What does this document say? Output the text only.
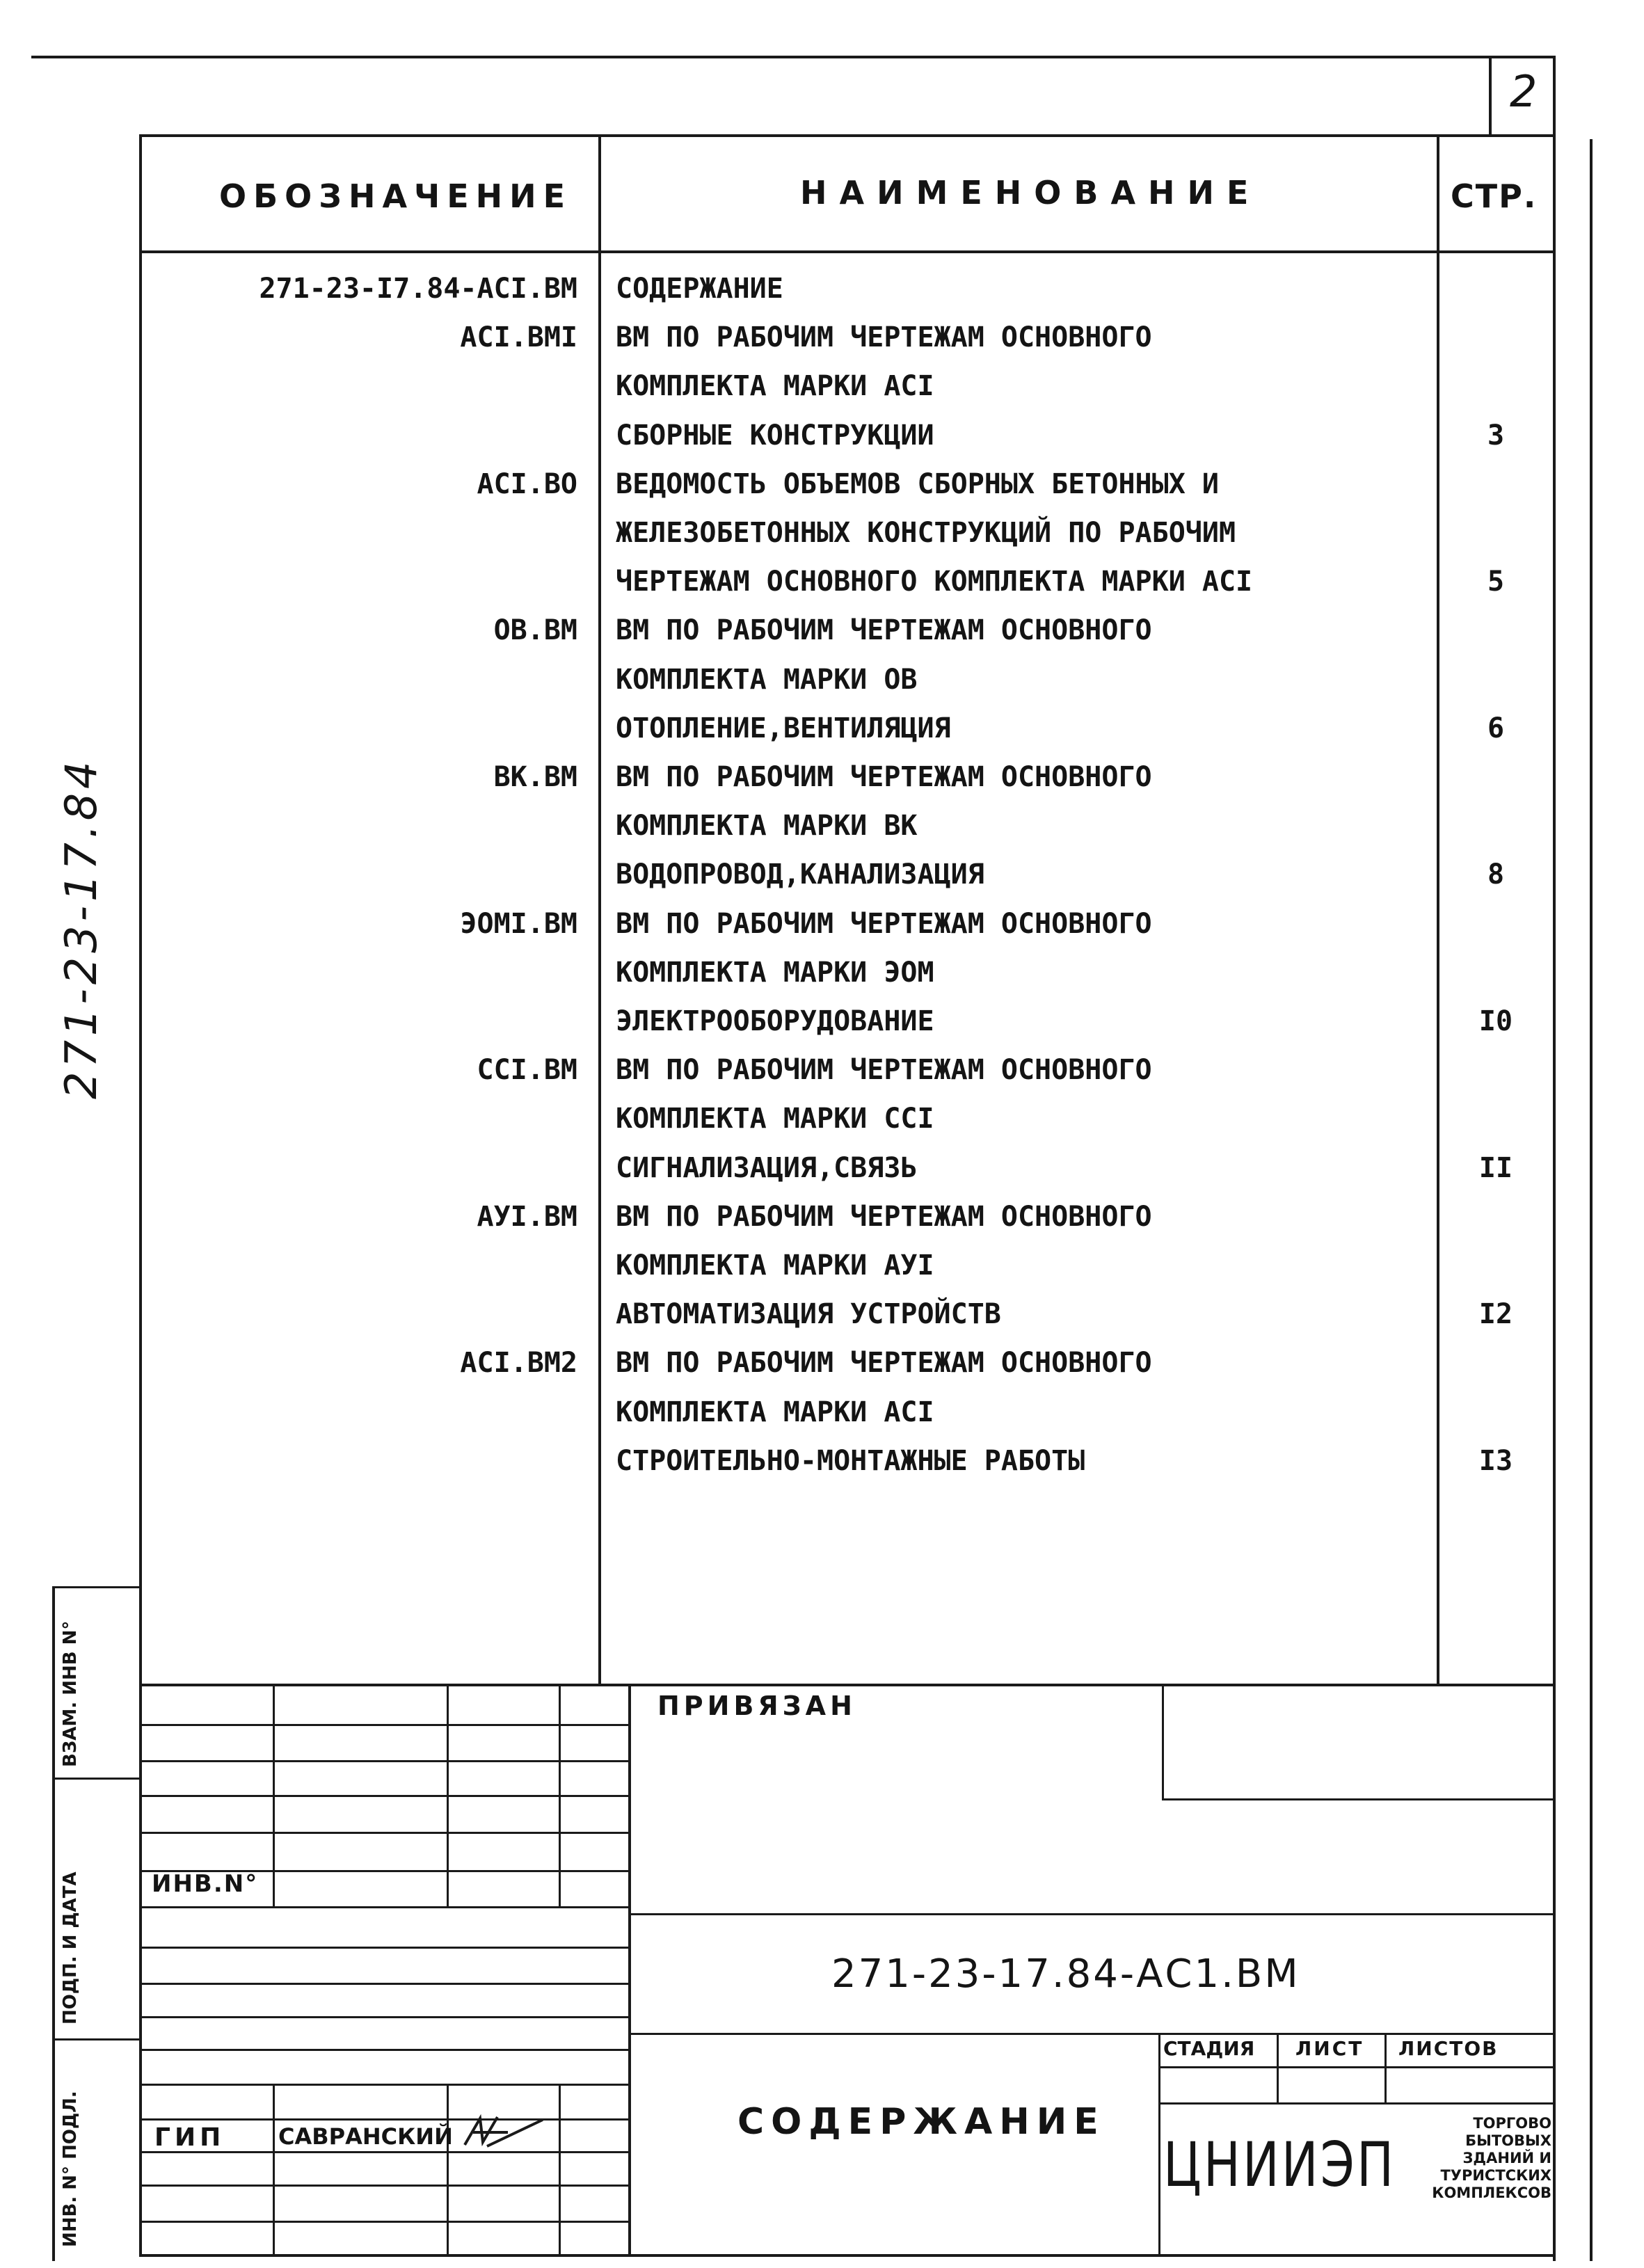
2
ОБОЗНАЧЕНИЕ	НАИМЕНОВАНИЕ	СТР.
271-23-I7.84-ACI.BM СОДЕРЖАНИЕ
ACI.BMI ВМ ПО РАБОЧИМ ЧЕРТЕЖАМ ОСНОВНОГО
КОМПЛЕКТА МАРКИ АСI
СБОРНЫЕ КОНСТРУКЦИИ	3
ACI.BO ВЕДОМОСТЬ ОБЪЕМОВ СБОРНЫХ БЕТОННЫХ И
ЖЕЛЕЗОБЕТОННЫХ КОНСТРУКЦИЙ ПО РАБОЧИМ
ЧЕРТЕЖАМ ОСНОВНОГО КОМПЛЕКТА МАРКИ АСI	5
ОВ.ВМ ВМ ПО РАБОЧИМ ЧЕРТЕЖАМ ОСНОВНОГО
КОМПЛЕКТА МАРКИ ОВ
ОТОПЛЕНИЕ,ВЕНТИЛЯЦИЯ	6
ВК.ВМ ВМ ПО РАБОЧИМ ЧЕРТЕЖАМ ОСНОВНОГО
КОМПЛЕКТА МАРКИ ВК
ВОДОПРОВОД,КАНАЛИЗАЦИЯ	8
ЭОМI.ВМ ВМ ПО РАБОЧИМ ЧЕРТЕЖАМ ОСНОВНОГО
КОМПЛЕКТА МАРКИ ЭОМ
ЭЛЕКТРООБОРУДОВАНИЕ	I0
ССI.ВМ ВМ ПО РАБОЧИМ ЧЕРТЕЖАМ ОСНОВНОГО
КОМПЛЕКТА МАРКИ ССI
СИГНАЛИЗАЦИЯ,СВЯЗЬ	II
АУI.ВМ ВМ ПО РАБОЧИМ ЧЕРТЕЖАМ ОСНОВНОГО
КОМПЛЕКТА МАРКИ АУI
АВТОМАТИЗАЦИЯ УСТРОЙСТВ	I2
ACI.BM2 ВМ ПО РАБОЧИМ ЧЕРТЕЖАМ ОСНОВНОГО
КОМПЛЕКТА МАРКИ АСI
СТРОИТЕЛЬНО-МОНТАЖНЫЕ РАБОТЫ	I3
271-23-17.84
ВЗАМ. ИНВ N°
ПОДП. И ДАТА
ИНВ. N° ПОДЛ.
ПРИВЯЗАН
ИНВ.N°
271-23-17.84-АС1.ВМ
СТАДИЯ ЛИСТ ЛИСТОВ
ГИП САВРАНСКИЙ	СОДЕРЖАНИЕ
ЦНИИЭП
ТОРГОВО
БЫТОВЫХ
ЗДАНИЙ И
ТУРИСТСКИХ
КОМПЛЕКСОВ
